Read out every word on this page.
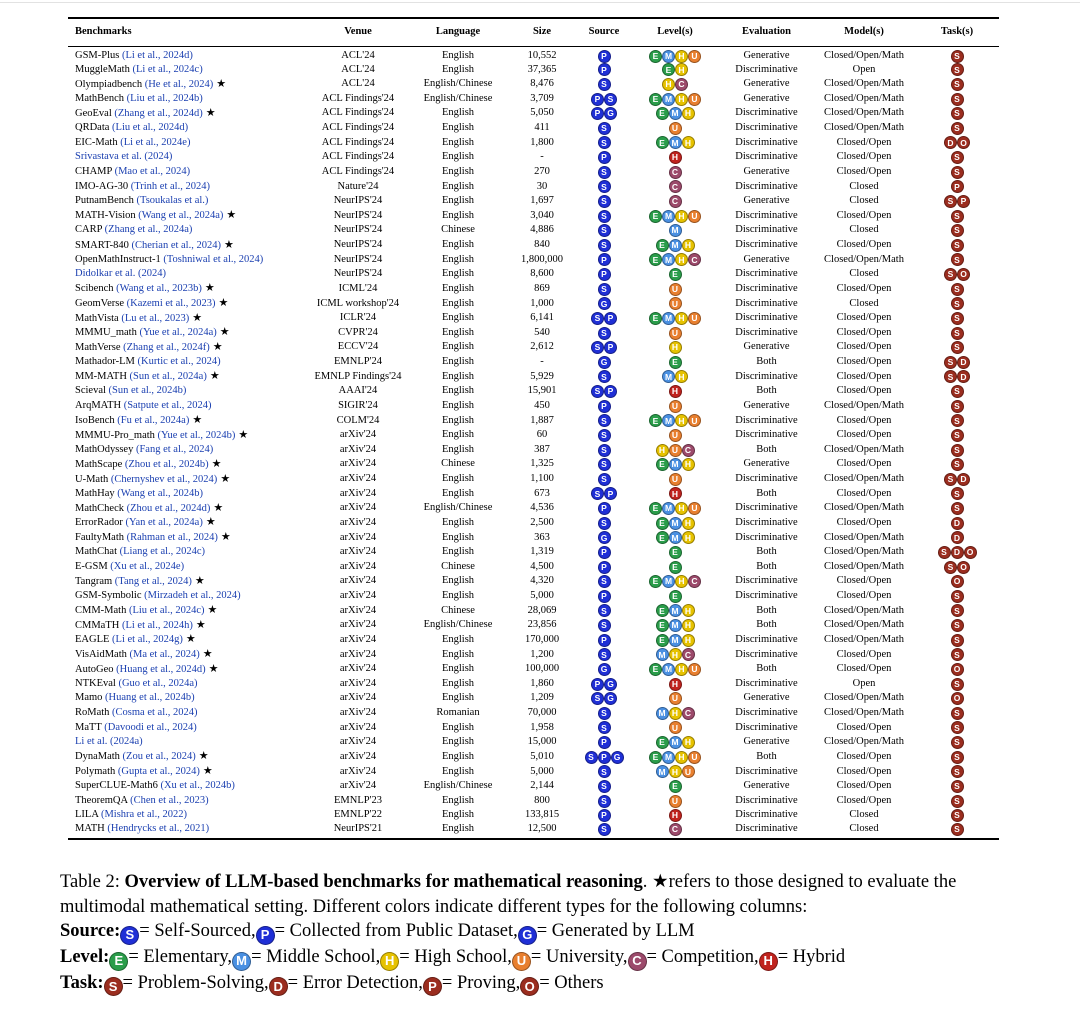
Benchmarks	Venue	Language	Size	Source	Level(s)	Evaluation	Model(s)	Task(s)
GSM-Plus (Li et al., 2024d)	ACL'24	English	10,552	P	E M H U	Generative	Closed/Open/Math	S

MuggleMath (Li et al., 2024c)	ACL'24	English	37,365	P	E H	Discriminative	Open	S

Olympiadbench (He et al., 2024) ★	ACL'24	English/Chinese	8,476	S	H C	Generative	Closed/Open/Math	S

MathBench (Liu et al., 2024b)	ACL Findings'24	English/Chinese	3,709	P S	E M H U	Generative	Closed/Open/Math	S

GeoEval (Zhang et al., 2024d) ★	ACL Findings'24	English	5,050	P G	E M H	Discriminative	Closed/Open/Math	S

QRData (Liu et al., 2024d)	ACL Findings'24	English	411	S	U	Discriminative	Closed/Open/Math	S

EIC-Math (Li et al., 2024e)	ACL Findings'24	English	1,800	S	E M H	Discriminative	Closed/Open	D O

Srivastava et al. (2024)	ACL Findings'24	English	-	P	H	Discriminative	Closed/Open	S

CHAMP (Mao et al., 2024)	ACL Findings'24	English	270	S	C	Generative	Closed/Open	S

IMO-AG-30 (Trinh et al., 2024)	Nature'24	English	30	S	C	Discriminative	Closed	P

PutnamBench (Tsoukalas et al.)	NeurIPS'24	English	1,697	S	C	Generative	Closed	S P

MATH-Vision (Wang et al., 2024a) ★	NeurIPS'24	English	3,040	S	E M H U	Discriminative	Closed/Open	S

CARP (Zhang et al., 2024a)	NeurIPS'24	Chinese	4,886	S	M	Discriminative	Closed	S

SMART-840 (Cherian et al., 2024) ★	NeurIPS'24	English	840	S	E M H	Discriminative	Closed/Open	S

OpenMathInstruct-1 (Toshniwal et al., 2024)	NeurIPS'24	English	1,800,000	P	E M H C	Generative	Closed/Open/Math	S

Didolkar et al. (2024)	NeurIPS'24	English	8,600	P	E	Discriminative	Closed	S O

Scibench (Wang et al., 2023b) ★	ICML'24	English	869	S	U	Discriminative	Closed/Open	S

GeomVerse (Kazemi et al., 2023) ★	ICML workshop'24	English	1,000	G	U	Discriminative	Closed	S

MathVista (Lu et al., 2023) ★	ICLR'24	English	6,141	S P	E M H U	Discriminative	Closed/Open	S

MMMU_math (Yue et al., 2024a) ★	CVPR'24	English	540	S	U	Discriminative	Closed/Open	S

MathVerse (Zhang et al., 2024f) ★	ECCV'24	English	2,612	S P	H	Generative	Closed/Open	S

Mathador-LM (Kurtic et al., 2024)	EMNLP'24	English	-	G	E	Both	Closed/Open	S D

MM-MATH (Sun et al., 2024a) ★	EMNLP Findings'24	English	5,929	S	M H	Discriminative	Closed/Open	S D

Scieval (Sun et al., 2024b)	AAAI'24	English	15,901	S P	H	Both	Closed/Open	S

ArqMATH (Satpute et al., 2024)	SIGIR'24	English	450	P	U	Generative	Closed/Open/Math	S

IsoBench (Fu et al., 2024a) ★	COLM'24	English	1,887	S	E M H U	Discriminative	Closed/Open	S

MMMU-Pro_math (Yue et al., 2024b) ★	arXiv'24	English	60	S	U	Discriminative	Closed/Open	S

MathOdyssey (Fang et al., 2024)	arXiv'24	English	387	S	H U C	Both	Closed/Open/Math	S

MathScape (Zhou et al., 2024b) ★	arXiv'24	Chinese	1,325	S	E M H	Generative	Closed/Open	S

U-Math (Chernyshev et al., 2024) ★	arXiv'24	English	1,100	S	U	Discriminative	Closed/Open/Math	S D

MathHay (Wang et al., 2024b)	arXiv'24	English	673	S P	H	Both	Closed/Open	S

MathCheck (Zhou et al., 2024d) ★	arXiv'24	English/Chinese	4,536	P	E M H U	Discriminative	Closed/Open/Math	S

ErrorRador (Yan et al., 2024a) ★	arXiv'24	English	2,500	S	E M H	Discriminative	Closed/Open	D

FaultyMath (Rahman et al., 2024) ★	arXiv'24	English	363	G	E M H	Discriminative	Closed/Open/Math	D

MathChat (Liang et al., 2024c)	arXiv'24	English	1,319	P	E	Both	Closed/Open/Math	S D O

E-GSM (Xu et al., 2024e)	arXiv'24	Chinese	4,500	P	E	Both	Closed/Open/Math	S O

Tangram (Tang et al., 2024) ★	arXiv'24	English	4,320	S	E M H C	Discriminative	Closed/Open	O

GSM-Symbolic (Mirzadeh et al., 2024)	arXiv'24	English	5,000	P	E	Discriminative	Closed/Open	S

CMM-Math (Liu et al., 2024c) ★	arXiv'24	Chinese	28,069	S	E M H	Both	Closed/Open/Math	S

CMMaTH (Li et al., 2024h) ★	arXiv'24	English/Chinese	23,856	S	E M H	Both	Closed/Open/Math	S

EAGLE (Li et al., 2024g) ★	arXiv'24	English	170,000	P	E M H	Discriminative	Closed/Open/Math	S

VisAidMath (Ma et al., 2024) ★	arXiv'24	English	1,200	S	M H C	Discriminative	Closed/Open	S

AutoGeo (Huang et al., 2024d) ★	arXiv'24	English	100,000	G	E M H U	Both	Closed/Open	O

NTKEval (Guo et al., 2024a)	arXiv'24	English	1,860	P G	H	Discriminative	Open	S

Mamo (Huang et al., 2024b)	arXiv'24	English	1,209	S G	U	Generative	Closed/Open/Math	O

RoMath (Cosma et al., 2024)	arXiv'24	Romanian	70,000	S	M H C	Discriminative	Closed/Open/Math	S

MaTT (Davoodi et al., 2024)	arXiv'24	English	1,958	S	U	Discriminative	Closed/Open	S

Li et al. (2024a)	arXiv'24	English	15,000	P	E M H	Generative	Closed/Open/Math	S

DynaMath (Zou et al., 2024) ★	arXiv'24	English	5,010	S P G	E M H U	Both	Closed/Open	S

Polymath (Gupta et al., 2024) ★	arXiv'24	English	5,000	S	M H U	Discriminative	Closed/Open	S

SuperCLUE-Math6 (Xu et al., 2024b)	arXiv'24	English/Chinese	2,144	S	E	Generative	Closed/Open	S

TheoremQA (Chen et al., 2023)	EMNLP'23	English	800	S	U	Discriminative	Closed/Open	S

LILA (Mishra et al., 2022)	EMNLP'22	English	133,815	P	H	Discriminative	Closed	S

MATH (Hendrycks et al., 2021)	NeurIPS'21	English	12,500	S	C	Discriminative	Closed	S
Table 2: Overview of LLM-based benchmarks for mathematical reasoning. ★refers to those designed to evaluate the multimodal mathematical setting. Different colors indicate different types for the following columns:
Source: S = Self-Sourced, P = Collected from Public Dataset, G = Generated by LLM
Level: E = Elementary, M = Middle School, H = High School, U = University, C = Competition, H = Hybrid
Task: S = Problem-Solving, D = Error Detection, P = Proving, O = Others
